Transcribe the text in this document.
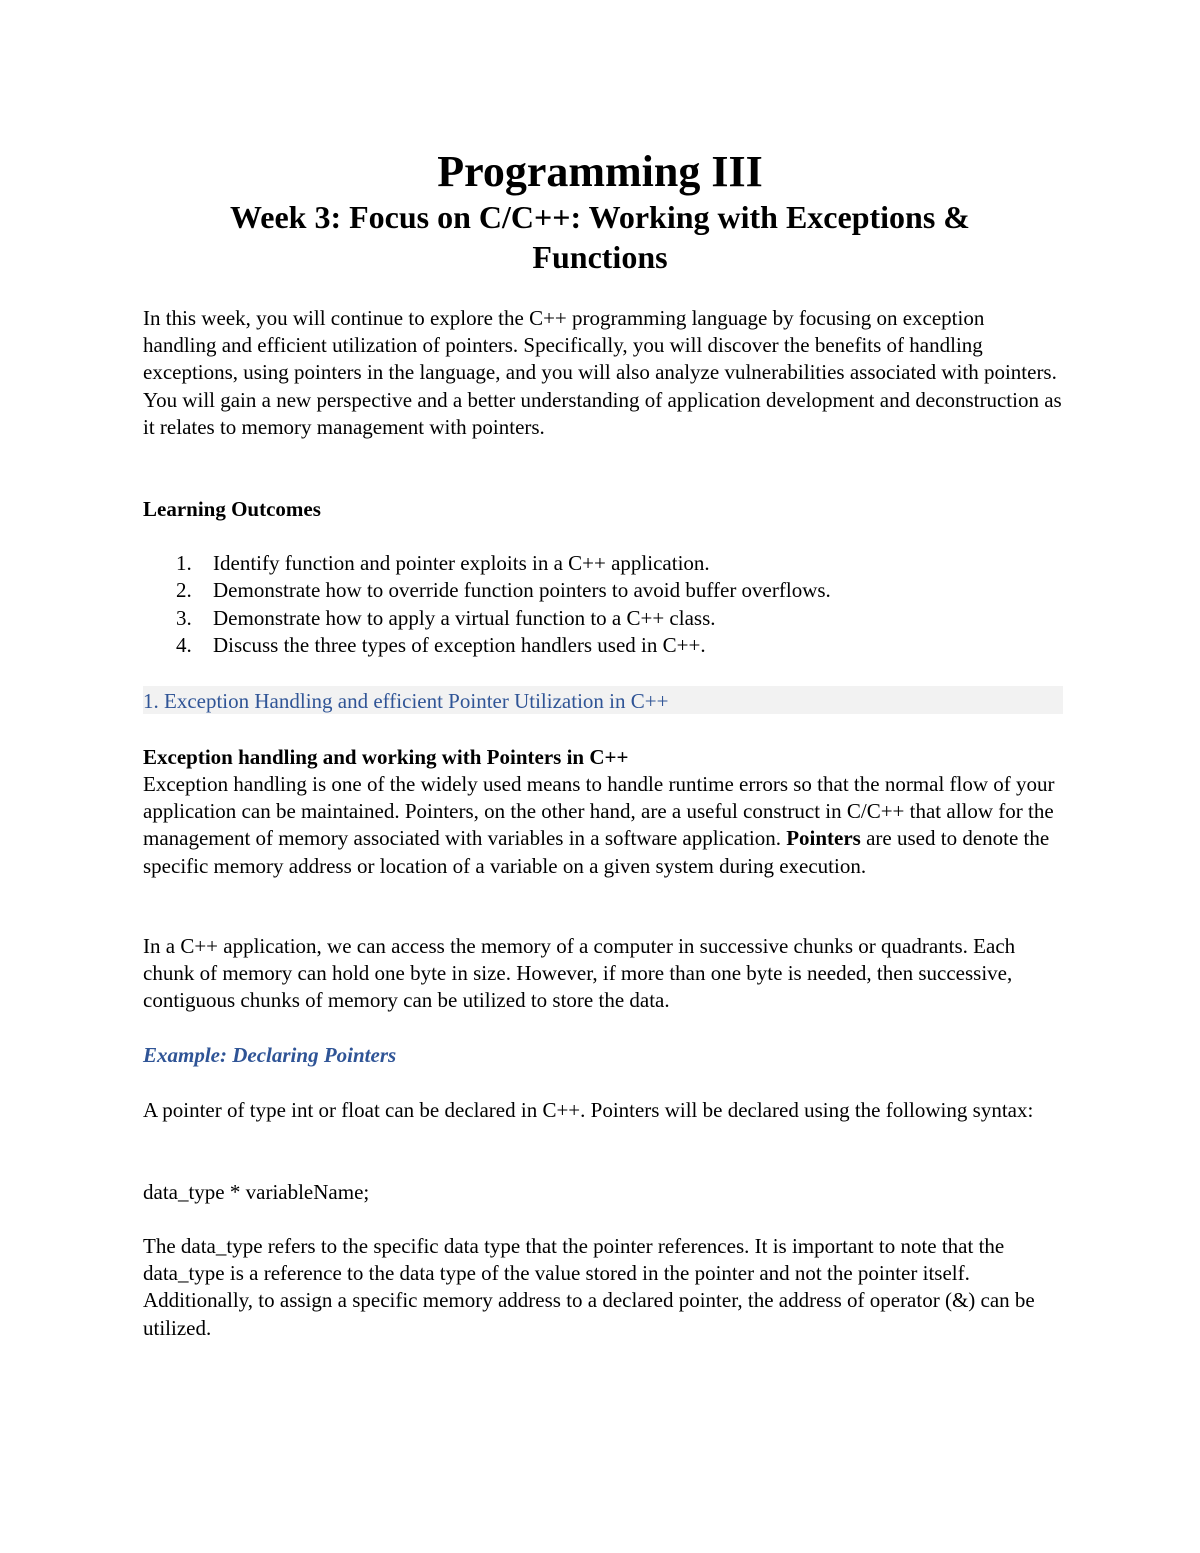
Programming III
Week 3: Focus on C/C++: Working with Exceptions &
Functions

In this week, you will continue to explore the C++ programming language by focusing on exception handling and efficient utilization of pointers. Specifically, you will discover the benefits of handling exceptions, using pointers in the language, and you will also analyze vulnerabilities associated with pointers. You will gain a new perspective and a better understanding of application development and deconstruction as it relates to memory management with pointers.

Learning Outcomes

1. Identify function and pointer exploits in a C++ application.
2. Demonstrate how to override function pointers to avoid buffer overflows.
3. Demonstrate how to apply a virtual function to a C++ class.
4. Discuss the three types of exception handlers used in C++.

1. Exception Handling and efficient Pointer Utilization in C++

Exception handling and working with Pointers in C++

Exception handling is one of the widely used means to handle runtime errors so that the normal flow of your application can be maintained. Pointers, on the other hand, are a useful construct in C/C++ that allow for the management of memory associated with variables in a software application. Pointers are used to denote the specific memory address or location of a variable on a given system during execution.

In a C++ application, we can access the memory of a computer in successive chunks or quadrants. Each chunk of memory can hold one byte in size. However, if more than one byte is needed, then successive, contiguous chunks of memory can be utilized to store the data.

Example: Declaring Pointers

A pointer of type int or float can be declared in C++. Pointers will be declared using the following syntax:

data_type * variableName;

The data_type refers to the specific data type that the pointer references. It is important to note that the data_type is a reference to the data type of the value stored in the pointer and not the pointer itself. Additionally, to assign a specific memory address to a declared pointer, the address of operator (&) can be utilized.
